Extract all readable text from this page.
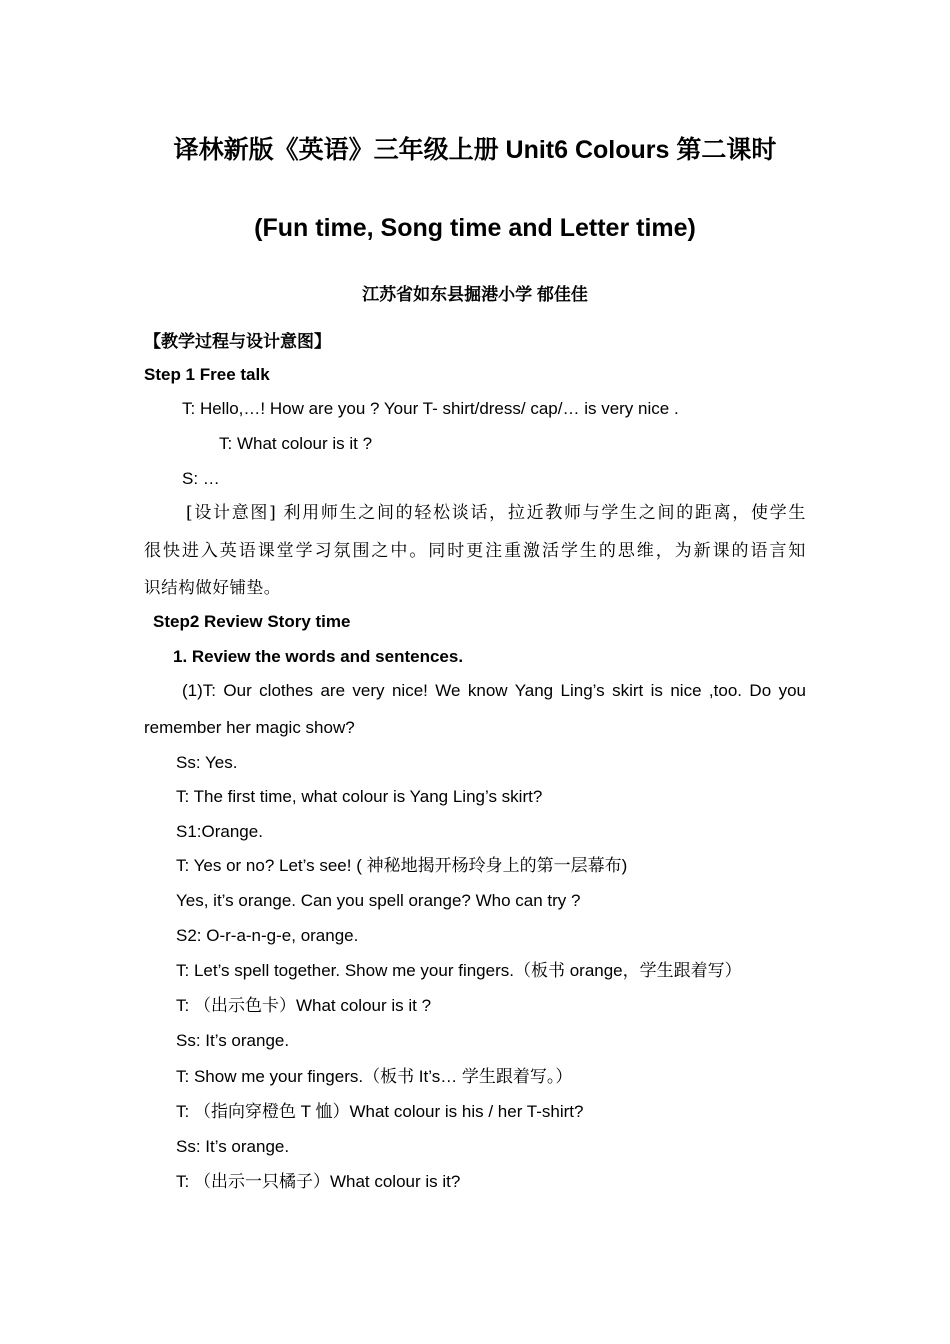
译林新版《英语》三年级上册 Unit6 Colours 第二课时
(Fun time, Song time and Letter time)
江苏省如东县掘港小学 郁佳佳
【教学过程与设计意图】
Step 1 Free talk
T: Hello,…! How are you ? Your T- shirt/dress/ cap/… is very nice .
T: What colour is it ?
S: …
[设计意图] 利用师生之间的轻松谈话，拉近教师与学生之间的距离，使学生
很快进入英语课堂学习氛围之中。同时更注重激活学生的思维，为新课的语言知
识结构做好铺垫。
Step2 Review Story time
1. Review the words and sentences.
(1)T: Our clothes are very nice! We know Yang Ling’s skirt is nice ,too. Do you
remember her magic show?
Ss: Yes.
T: The first time, what colour is Yang Ling’s skirt?
S1:Orange.
T: Yes or no? Let’s see! ( 神秘地揭开杨玲身上的第一层幕布)
Yes, it’s orange. Can you spell orange? Who can try ?
S2: O-r-a-n-g-e, orange.
T: Let’s spell together. Show me your fingers.（板书 orange，学生跟着写）
T: （出示色卡）What colour is it ?
Ss: It’s orange.
T: Show me your fingers.（板书 It’s… 学生跟着写。）
T: （指向穿橙色 T 恤）What colour is his / her T-shirt?
Ss: It’s orange.
T: （出示一只橘子）What colour is it?
